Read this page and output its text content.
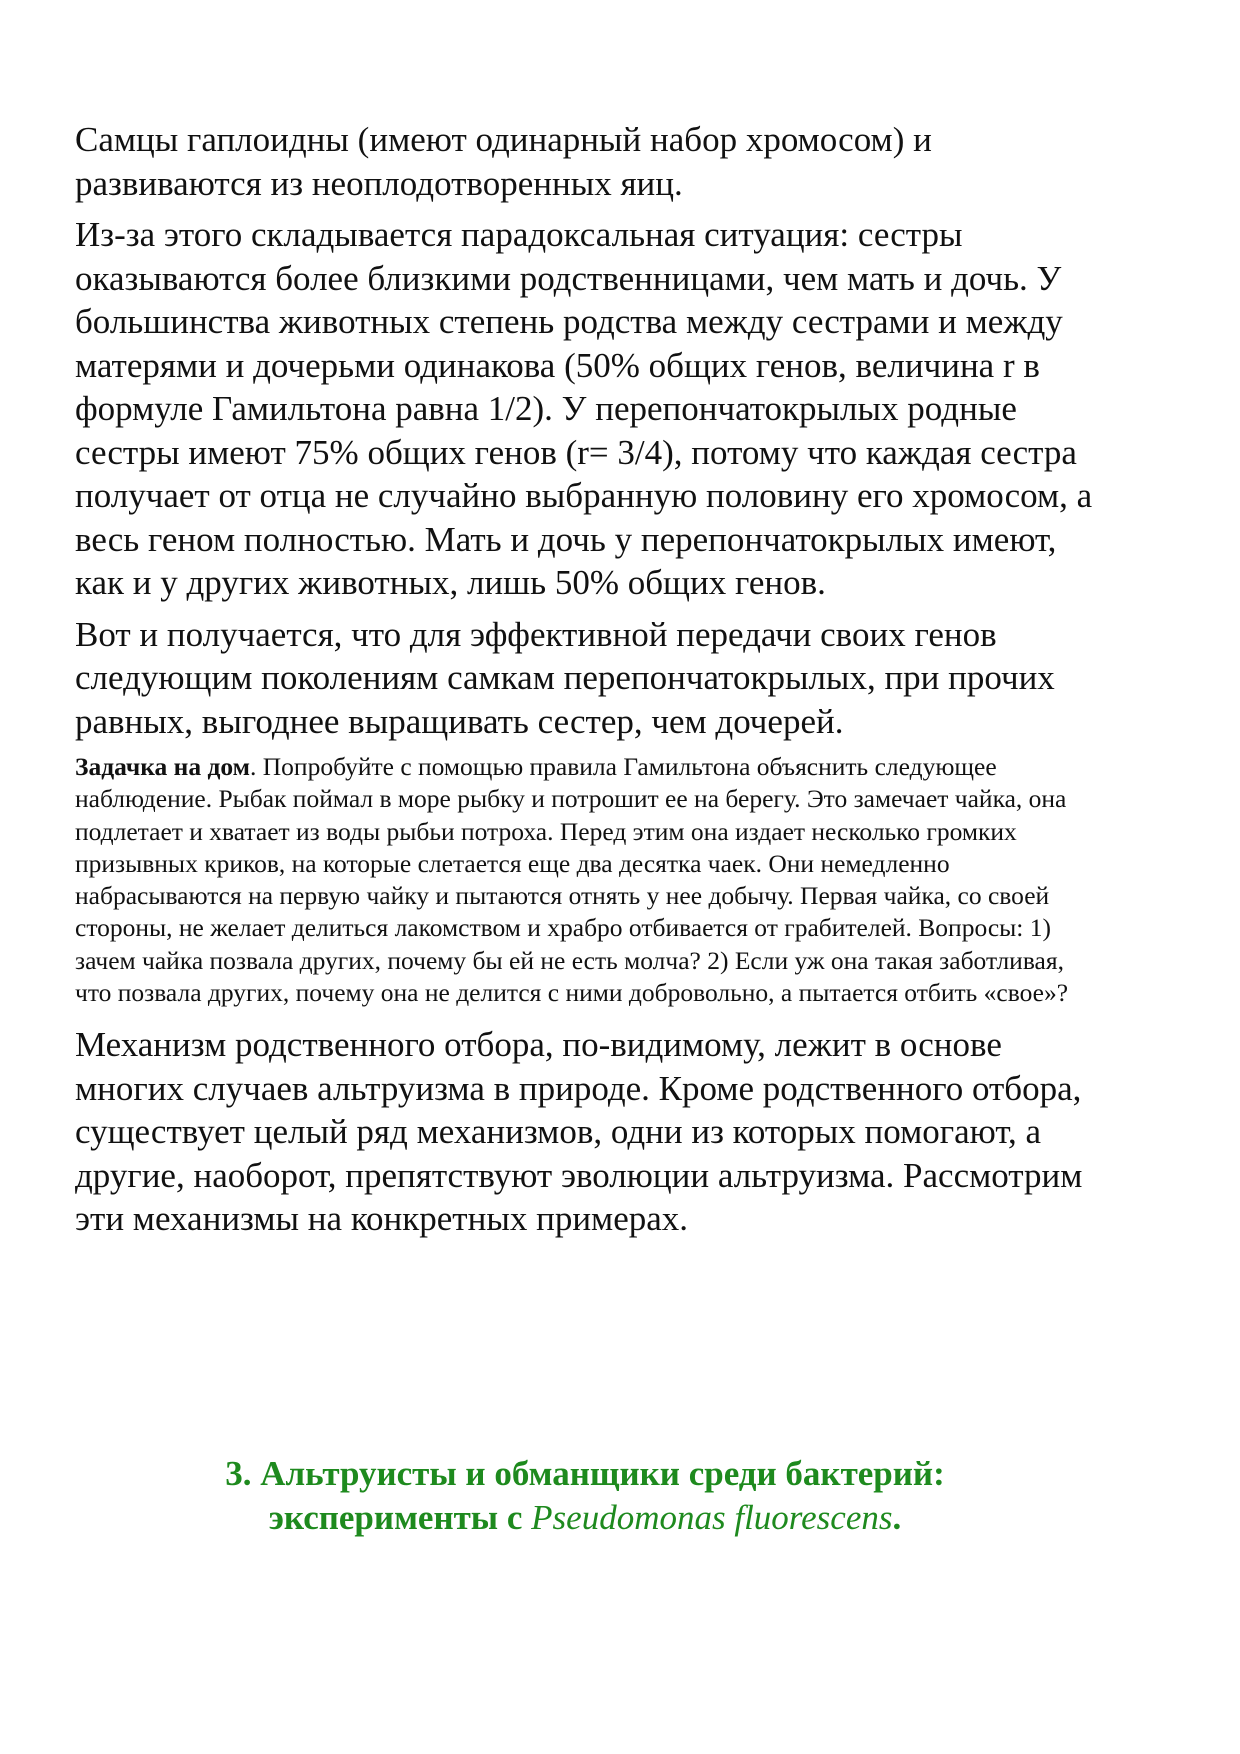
Самцы гаплоидны (имеют одинарный набор хромосом) и развиваются из неоплодотворенных яиц.

Из-за этого складывается парадоксальная ситуация: сестры оказываются более близкими родственницами, чем мать и дочь. У большинства животных степень родства между сестрами и между матерями и дочерьми одинакова (50% общих генов, величина r в формуле Гамильтона равна 1/2). У перепончатокрылых родные сестры имеют 75% общих генов (r= 3/4), потому что каждая сестра получает от отца не случайно выбранную половину его хромосом, а весь геном полностью. Мать и дочь у перепончатокрылых имеют, как и у других животных, лишь 50% общих генов.

Вот и получается, что для эффективной передачи своих генов следующим поколениям самкам перепончатокрылых, при прочих равных, выгоднее выращивать сестер, чем дочерей.

Задачка на дом. Попробуйте с помощью правила Гамильтона объяснить следующее наблюдение. Рыбак поймал в море рыбку и потрошит ее на берегу. Это замечает чайка, она подлетает и хватает из воды рыбьи потроха. Перед этим она издает несколько громких призывных криков, на которые слетается еще два десятка чаек. Они немедленно набрасываются на первую чайку и пытаются отнять у нее добычу. Первая чайка, со своей стороны, не желает делиться лакомством и храбро отбивается от грабителей. Вопросы: 1) зачем чайка позвала других, почему бы ей не есть молча? 2) Если уж она такая заботливая, что позвала других, почему она не делится с ними добровольно, а пытается отбить «свое»?

Механизм родственного отбора, по-видимому, лежит в основе многих случаев альтруизма в природе. Кроме родственного отбора, существует целый ряд механизмов, одни из которых помогают, а другие, наоборот, препятствуют эволюции альтруизма. Рассмотрим эти механизмы на конкретных примерах.

3. Альтруисты и обманщики среди бактерий:
эксперименты с Pseudomonas fluorescens.
